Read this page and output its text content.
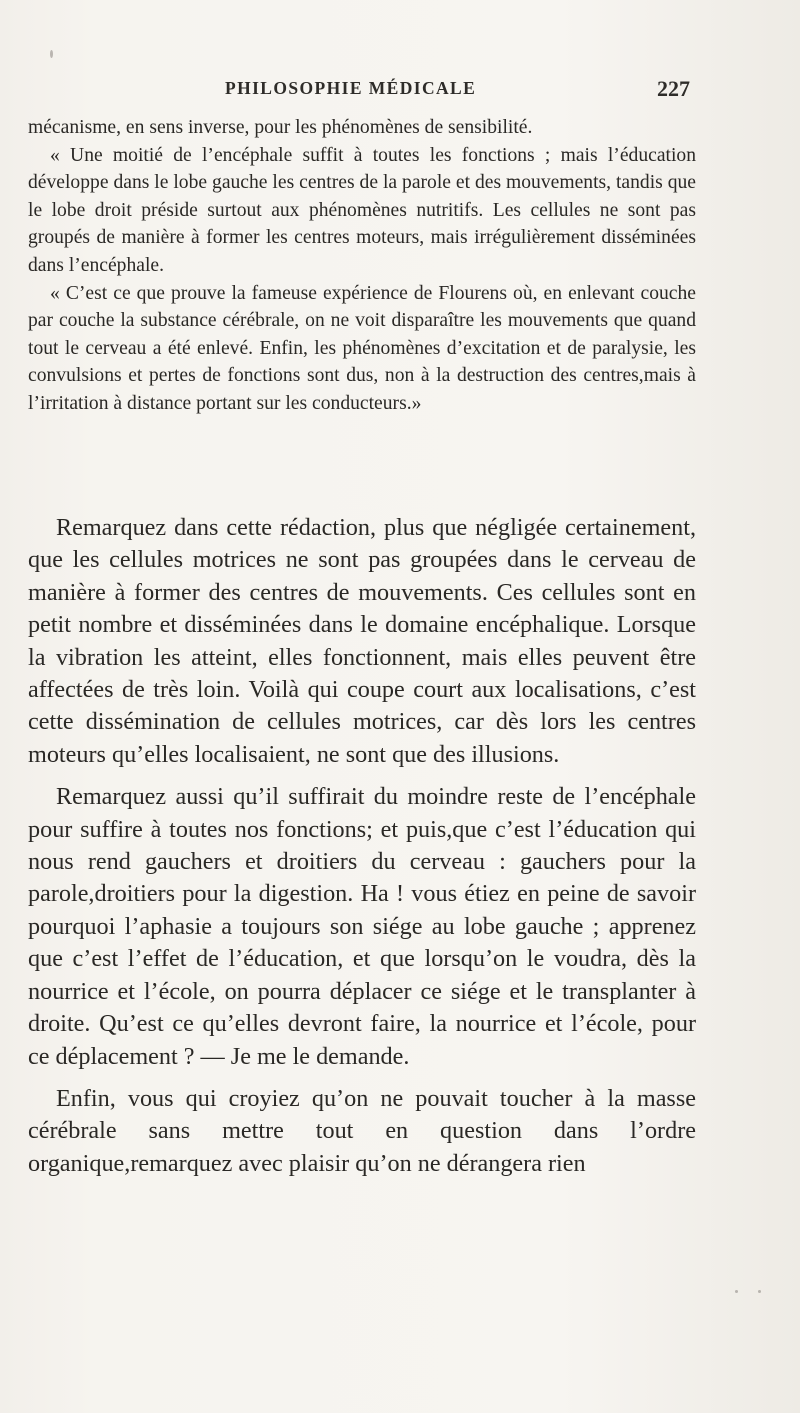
PHILOSOPHIE MÉDICALE	227

mécanisme, en sens inverse, pour les phénomènes de sensibilité.

« Une moitié de l’encéphale suffit à toutes les fonctions ; mais l’éducation développe dans le lobe gauche les centres de la parole et des mouvements, tandis que le lobe droit préside surtout aux phénomènes nutritifs. Les cellules ne sont pas groupés de manière à former les centres moteurs, mais irrégulièrement disséminées dans l’encéphale.

« C’est ce que prouve la fameuse expérience de Flourens où, en enlevant couche par couche la substance cérébrale, on ne voit disparaître les mouvements que quand tout le cerveau a été enlevé. Enfin, les phénomènes d’excitation et de paralysie, les convulsions et pertes de fonctions sont dus, non à la destruction des centres,mais à l’irritation à distance portant sur les conducteurs.»

Remarquez dans cette rédaction, plus que négligée certainement, que les cellules motrices ne sont pas groupées dans le cerveau de manière à former des centres de mouvements. Ces cellules sont en petit nombre et disséminées dans le domaine encéphalique. Lorsque la vibration les atteint, elles fonctionnent, mais elles peuvent être affectées de très loin. Voilà qui coupe court aux localisations, c’est cette dissémination de cellules motrices, car dès lors les centres moteurs qu’elles localisaient, ne sont que des illusions.

Remarquez aussi qu’il suffirait du moindre reste de l’encéphale pour suffire à toutes nos fonctions; et puis,que c’est l’éducation qui nous rend gauchers et droitiers du cerveau : gauchers pour la parole,droitiers pour la digestion. Ha ! vous étiez en peine de savoir pourquoi l’aphasie a toujours son siége au lobe gauche ; apprenez que c’est l’effet de l’éducation, et que lorsqu’on le voudra, dès la nourrice et l’école, on pourra déplacer ce siége et le transplanter à droite. Qu’est ce qu’elles devront faire, la nourrice et l’école, pour ce déplacement ? — Je me le demande.

Enfin, vous qui croyiez qu’on ne pouvait toucher à la masse cérébrale sans mettre tout en question dans l’ordre organique,remarquez avec plaisir qu’on ne dérangera rien
